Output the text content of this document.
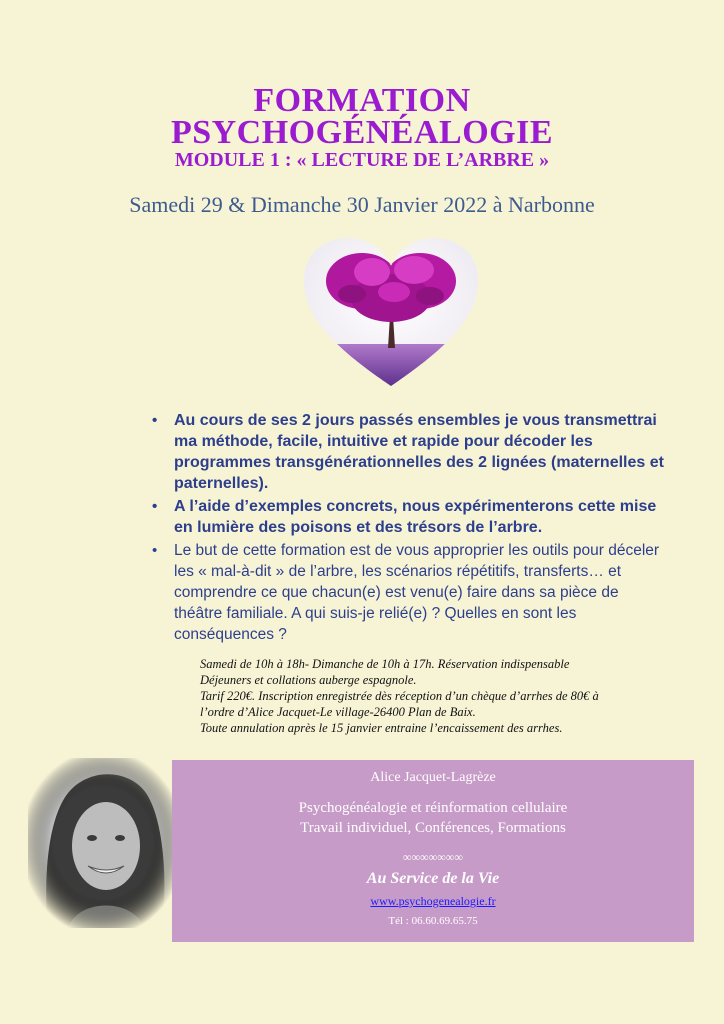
FORMATION
PSYCHOGÉNÉALOGIE
MODULE 1 : « LECTURE DE L’ARBRE »
Samedi 29 & Dimanche 30 Janvier 2022 à Narbonne
• Au cours de ses 2 jours passés ensembles je vous transmettrai ma méthode, facile, intuitive et rapide pour décoder les programmes transgénérationnelles des 2 lignées (maternelles et paternelles).
• A l’aide d’exemples concrets, nous expérimenterons cette mise en lumière des poisons et des trésors de l’arbre.
• Le but de cette formation est de vous approprier les outils pour déceler les « mal-à-dit » de l’arbre, les scénarios répétitifs, transferts… et comprendre ce que chacun(e) est venu(e) faire dans sa pièce de théâtre familiale. A qui suis-je relié(e) ? Quelles en sont les conséquences ?
Samedi de 10h à 18h- Dimanche de 10h à 17h. Réservation indispensable
Déjeuners et collations auberge espagnole.
Tarif 220€. Inscription enregistrée dès réception d’un chèque d’arrhes de 80€ à
l’ordre d’Alice Jacquet-Le village-26400 Plan de Baix.
Toute annulation après le 15 janvier entraine l’encaissement des arrhes.
Alice Jacquet-Lagrèze
Psychogénéalogie et réinformation cellulaire
Travail individuel, Conférences, Formations
∞∞∞∞∞∞∞
Au Service de la Vie
www.psychogenealogie.fr
Tél : 06.60.69.65.75
